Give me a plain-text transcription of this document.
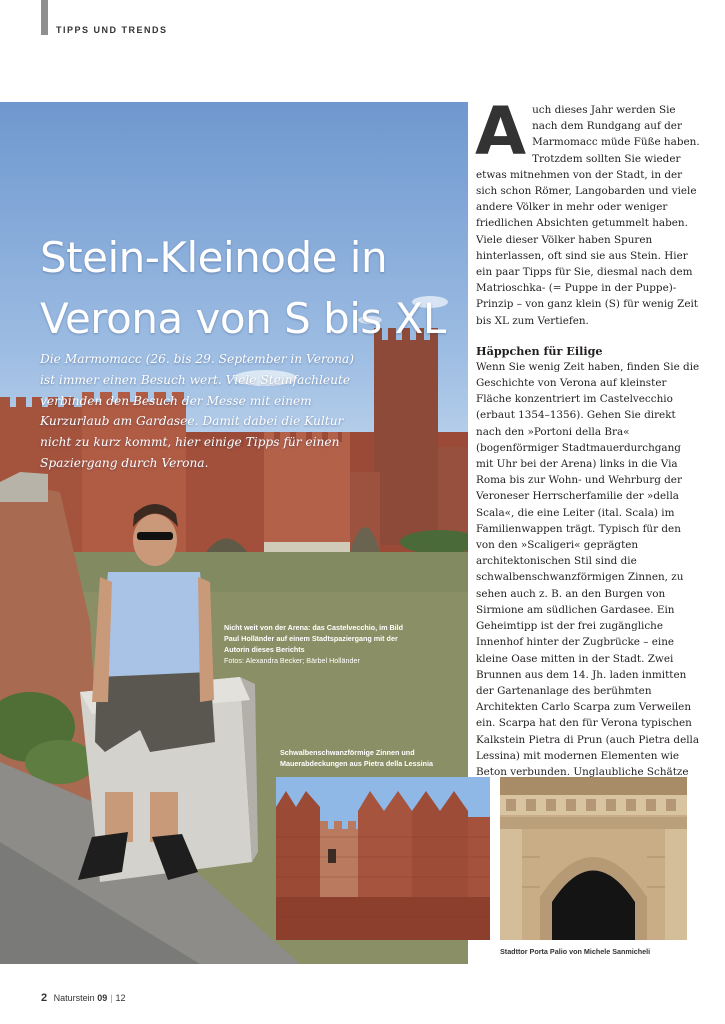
TIPPS UND TRENDS
Stein-Kleinode in
Verona von S bis XL

Die Marmomacc (26. bis 29. September in Verona) ist immer einen Besuch wert. Viele Steinfachleute verbinden den Besuch der Messe mit einem Kurzurlaub am Gardasee. Damit dabei die Kultur nicht zu kurz kommt, hier einige Tipps für einen Spaziergang durch Verona.

Nicht weit von der Arena: das Castelvecchio, im Bild Paul Holländer auf einem Stadtspaziergang mit der Autorin dieses Berichts
Fotos: Alexandra Becker; Bärbel Holländer
Schwalbenschwanzförmige Zinnen und Mauerabdeckungen aus Pietra della Lessinia
Stadttor Porta Palio von Michele Sanmicheli

Auch dieses Jahr werden Sie nach dem Rundgang auf der Marmomacc müde Füße haben. Trotzdem sollten Sie wieder etwas mitnehmen von der Stadt, in der sich schon Römer, Langobarden und viele andere Völker in mehr oder weniger friedlichen Absichten getummelt haben. Viele dieser Völker haben Spuren hinterlassen, oft sind sie aus Stein. Hier ein paar Tipps für Sie, diesmal nach dem Matrioschka- (= Puppe in der Puppe)-Prinzip – von ganz klein (S) für wenig Zeit bis XL zum Vertiefen.

Häppchen für Eilige

Wenn Sie wenig Zeit haben, finden Sie die Geschichte von Verona auf kleinster Fläche konzentriert im Castelvecchio (erbaut 1354–1356). Gehen Sie direkt nach den »Portoni della Bra« (bogenförmiger Stadtmauerdurchgang mit Uhr bei der Arena) links in die Via Roma bis zur Wohn- und Wehrburg der Veroneser Herrscherfamilie der »della Scala«, die eine Leiter (ital. Scala) im Familienwappen trägt. Typisch für den von den »Scaligeri« geprägten architektonischen Stil sind die schwalbenschwanzförmigen Zinnen, zu sehen auch z. B. an den Burgen von Sirmione am südlichen Gardasee. Ein Geheimtipp ist der frei zugängliche Innenhof hinter der Zugbrücke – eine kleine Oase mitten in der Stadt. Zwei Brunnen aus dem 14. Jh. laden inmitten der Gartenanlage des berühmten Architekten Carlo Scarpa zum Verweilen ein. Scarpa hat den für Verona typischen Kalkstein Pietra di Prun (auch Pietra della Lessina) mit modernen Elementen wie Beton verbunden. Unglaubliche Schätze

2 Naturstein 09 | 12
